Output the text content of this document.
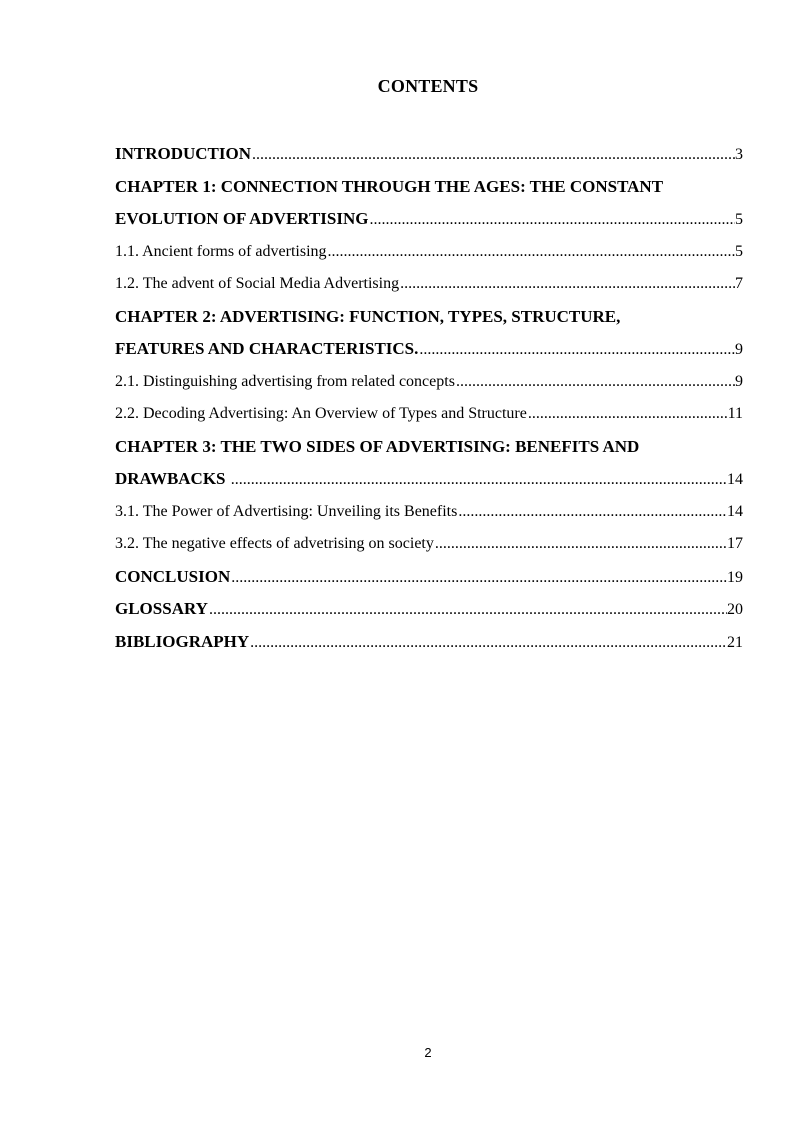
CONTENTS
INTRODUCTION .....	3
CHAPTER 1: CONNECTION THROUGH THE AGES: THE CONSTANT
EVOLUTION OF ADVERTISING .....	5
1.1. Ancient forms of advertising .....	5
1.2. The advent of Social Media Advertising .....	7
CHAPTER 2: ADVERTISING: FUNCTION, TYPES, STRUCTURE,
FEATURES AND CHARACTERISTICS. .....	9
2.1. Distinguishing advertising from related concepts .....	9
2.2. Decoding Advertising: An Overview of Types and Structure .....	11
CHAPTER 3: THE TWO SIDES OF ADVERTISING: BENEFITS AND
DRAWBACKS .....	14
3.1. The Power of Advertising: Unveiling its Benefits .....	14
3.2. The negative effects of advetrising on society .....	17
CONCLUSION .....	19
GLOSSARY .....	20
BIBLIOGRAPHY .....	21
2
